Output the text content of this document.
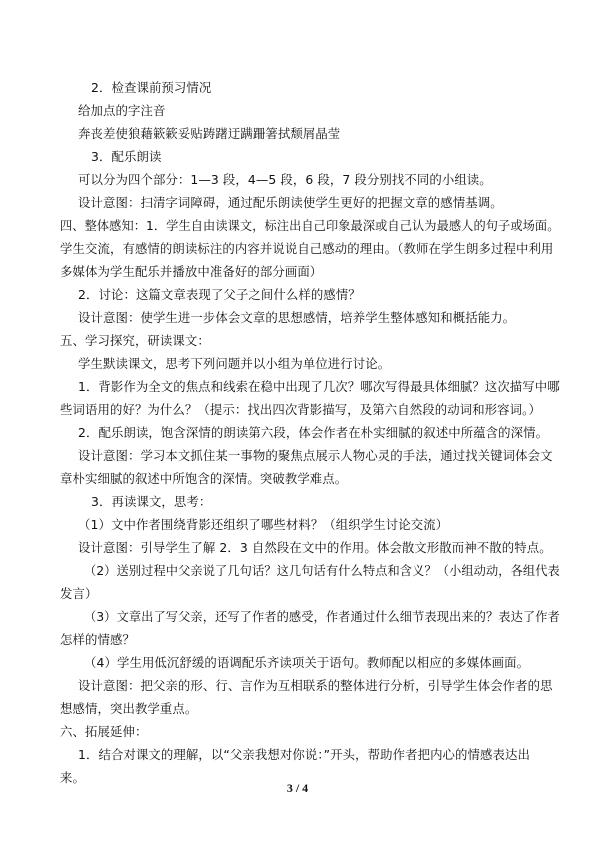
2．检查课前预习情况
给加点的字注音
奔丧差使狼藉簌簌妥贴踌躇迂蹒跚箸拭颓屑晶莹
3．配乐朗读
可以分为四个部分：1—3 段，4—5 段，6 段，7 段分别找不同的小组读。
设计意图：扫清字词障碍，通过配乐朗读使学生更好的把握文章的感情基调。
四、整体感知：1．学生自由读课文，标注出自己印象最深或自己认为最感人的句子或场面。
学生交流，有感情的朗读标注的内容并说说自己感动的理由。（教师在学生朗多过程中利用
多媒体为学生配乐并播放中准备好的部分画面）
2．讨论：这篇文章表现了父子之间什么样的感情？
设计意图：使学生进一步体会文章的思想感情，培养学生整体感知和概括能力。
五、学习探究，研读课文：
学生默读课文，思考下列问题并以小组为单位进行讨论。
1．背影作为全文的焦点和线索在稳中出现了几次？哪次写得最具体细腻？这次描写中哪
些词语用的好？为什么？（提示：找出四次背影描写，及第六自然段的动词和形容词。）
2．配乐朗读，饱含深情的朗读第六段，体会作者在朴实细腻的叙述中所蕴含的深情。
设计意图：学习本文抓住某一事物的聚焦点展示人物心灵的手法，通过找关键词体会文
章朴实细腻的叙述中所饱含的深情。突破教学难点。
3．再读课文，思考：
（1）文中作者围绕背影还组织了哪些材料？（组织学生讨论交流）
设计意图：引导学生了解 2．3 自然段在文中的作用。体会散文形散而神不散的特点。
（2）送别过程中父亲说了几句话？这几句话有什么特点和含义？（小组动动，各组代表
发言）
（3）文章出了写父亲，还写了作者的感受，作者通过什么细节表现出来的？表达了作者
怎样的情感？
（4）学生用低沉舒缓的语调配乐齐读项关于语句。教师配以相应的多媒体画面。
设计意图：把父亲的形、行、言作为互相联系的整体进行分析，引导学生体会作者的思
想感情，突出教学重点。
六、拓展延伸：
1．结合对课文的理解，以“父亲我想对你说：”开头，帮助作者把内心的情感表达出
来。
3 / 4
